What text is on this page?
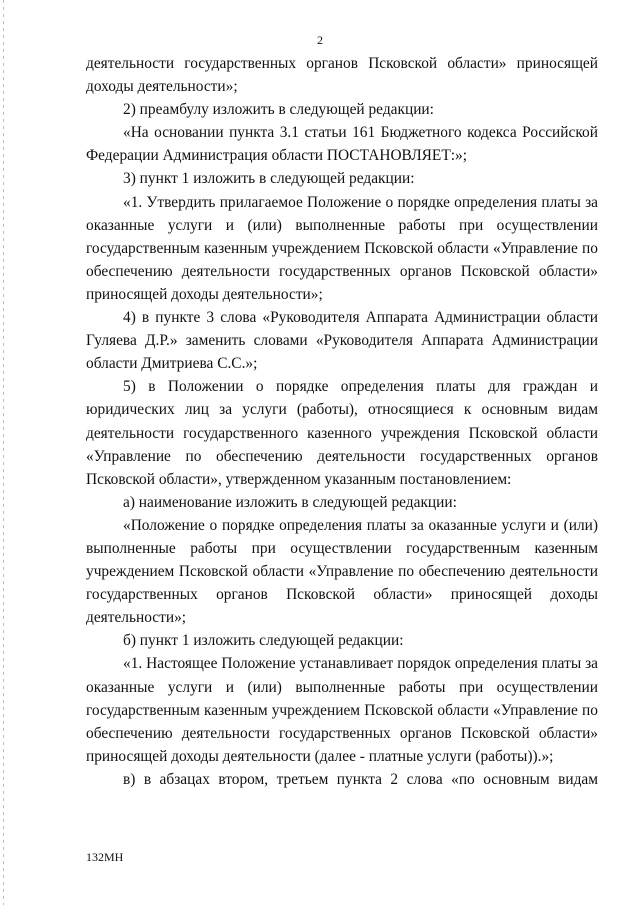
2

деятельности государственных органов Псковской области» приносящей доходы деятельности»;

2) преамбулу изложить в следующей редакции:

«На основании пункта 3.1 статьи 161 Бюджетного кодекса Российской Федерации Администрация области ПОСТАНОВЛЯЕТ:»;

3) пункт 1 изложить в следующей редакции:

«1. Утвердить прилагаемое Положение о порядке определения платы за оказанные услуги и (или) выполненные работы при осуществлении государственным казенным учреждением Псковской области «Управление по обеспечению деятельности государственных органов Псковской области» приносящей доходы деятельности»;

4) в пункте 3 слова «Руководителя Аппарата Администрации области Гуляева Д.Р.» заменить словами «Руководителя Аппарата Администрации области Дмитриева С.С.»;

5) в Положении о порядке определения платы для граждан и юридических лиц за услуги (работы), относящиеся к основным видам деятельности государственного казенного учреждения Псковской области «Управление по обеспечению деятельности государственных органов Псковской области», утвержденном указанным постановлением:

а) наименование изложить в следующей редакции:

«Положение о порядке определения платы за оказанные услуги и (или) выполненные работы при осуществлении государственным казенным учреждением Псковской области «Управление по обеспечению деятельности государственных органов Псковской области» приносящей доходы деятельности»;

б) пункт 1 изложить следующей редакции:

«1. Настоящее Положение устанавливает порядок определения платы за оказанные услуги и (или) выполненные работы при осуществлении государственным казенным учреждением Псковской области «Управление по обеспечению деятельности государственных органов Псковской области» приносящей доходы деятельности (далее - платные услуги (работы)).»;

в) в абзацах втором, третьем пункта 2 слова «по основным видам

132МН
